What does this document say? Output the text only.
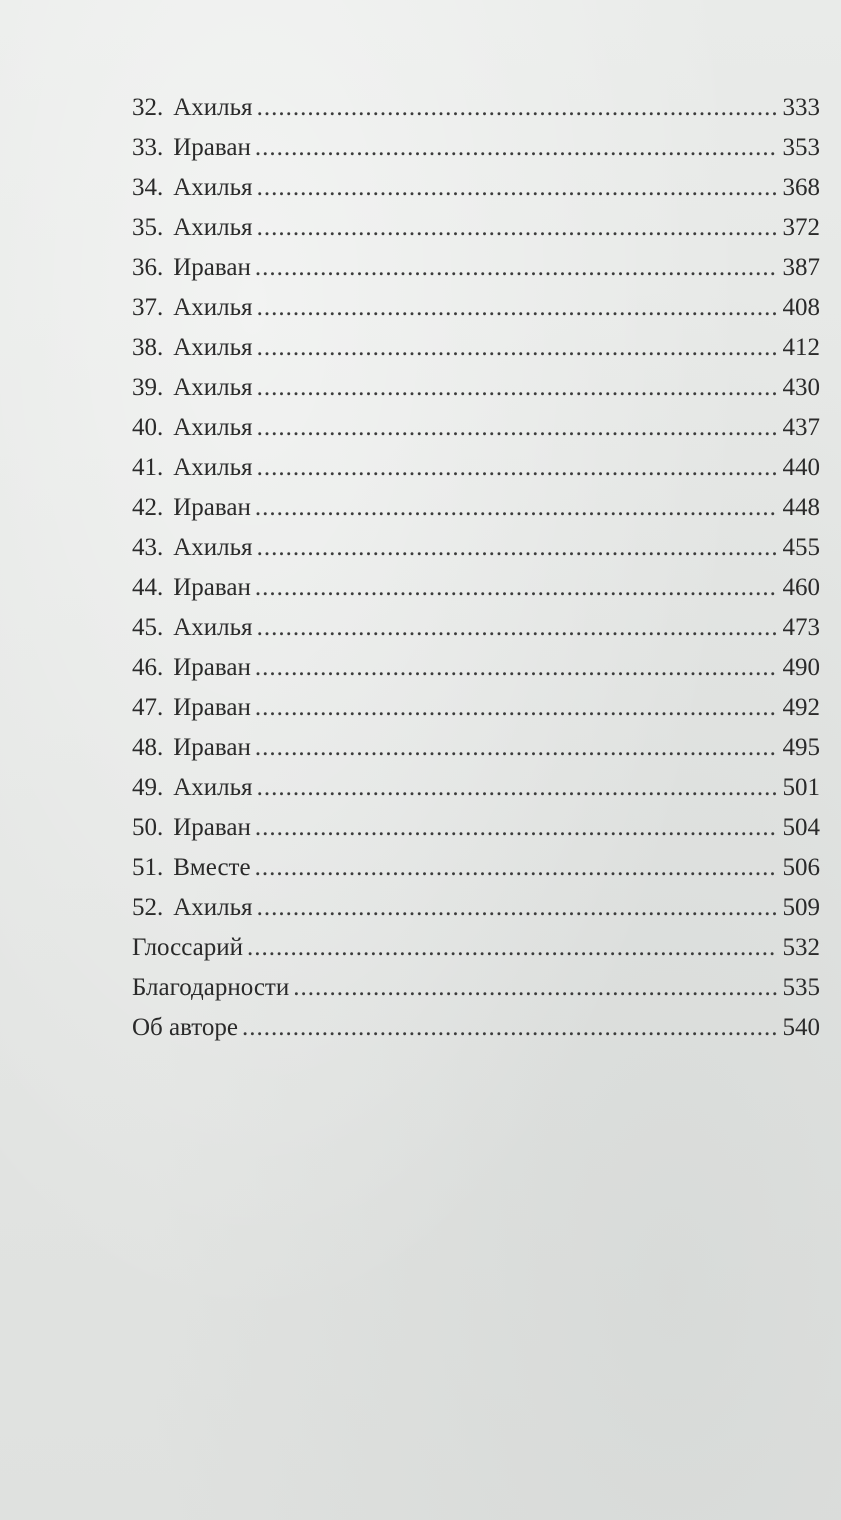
32. Ахилья .....	333
33. Ираван .....	353
34. Ахилья .....	368
35. Ахилья .....	372
36. Ираван .....	387
37. Ахилья .....	408
38. Ахилья .....	412
39. Ахилья .....	430
40. Ахилья .....	437
41. Ахилья .....	440
42. Ираван .....	448
43. Ахилья .....	455
44. Ираван .....	460
45. Ахилья .....	473
46. Ираван .....	490
47. Ираван .....	492
48. Ираван .....	495
49. Ахилья .....	501
50. Ираван .....	504
51. Вместе .....	506
52. Ахилья .....	509
Глоссарий .....	532
Благодарности .....	535
Об авторе .....	540
